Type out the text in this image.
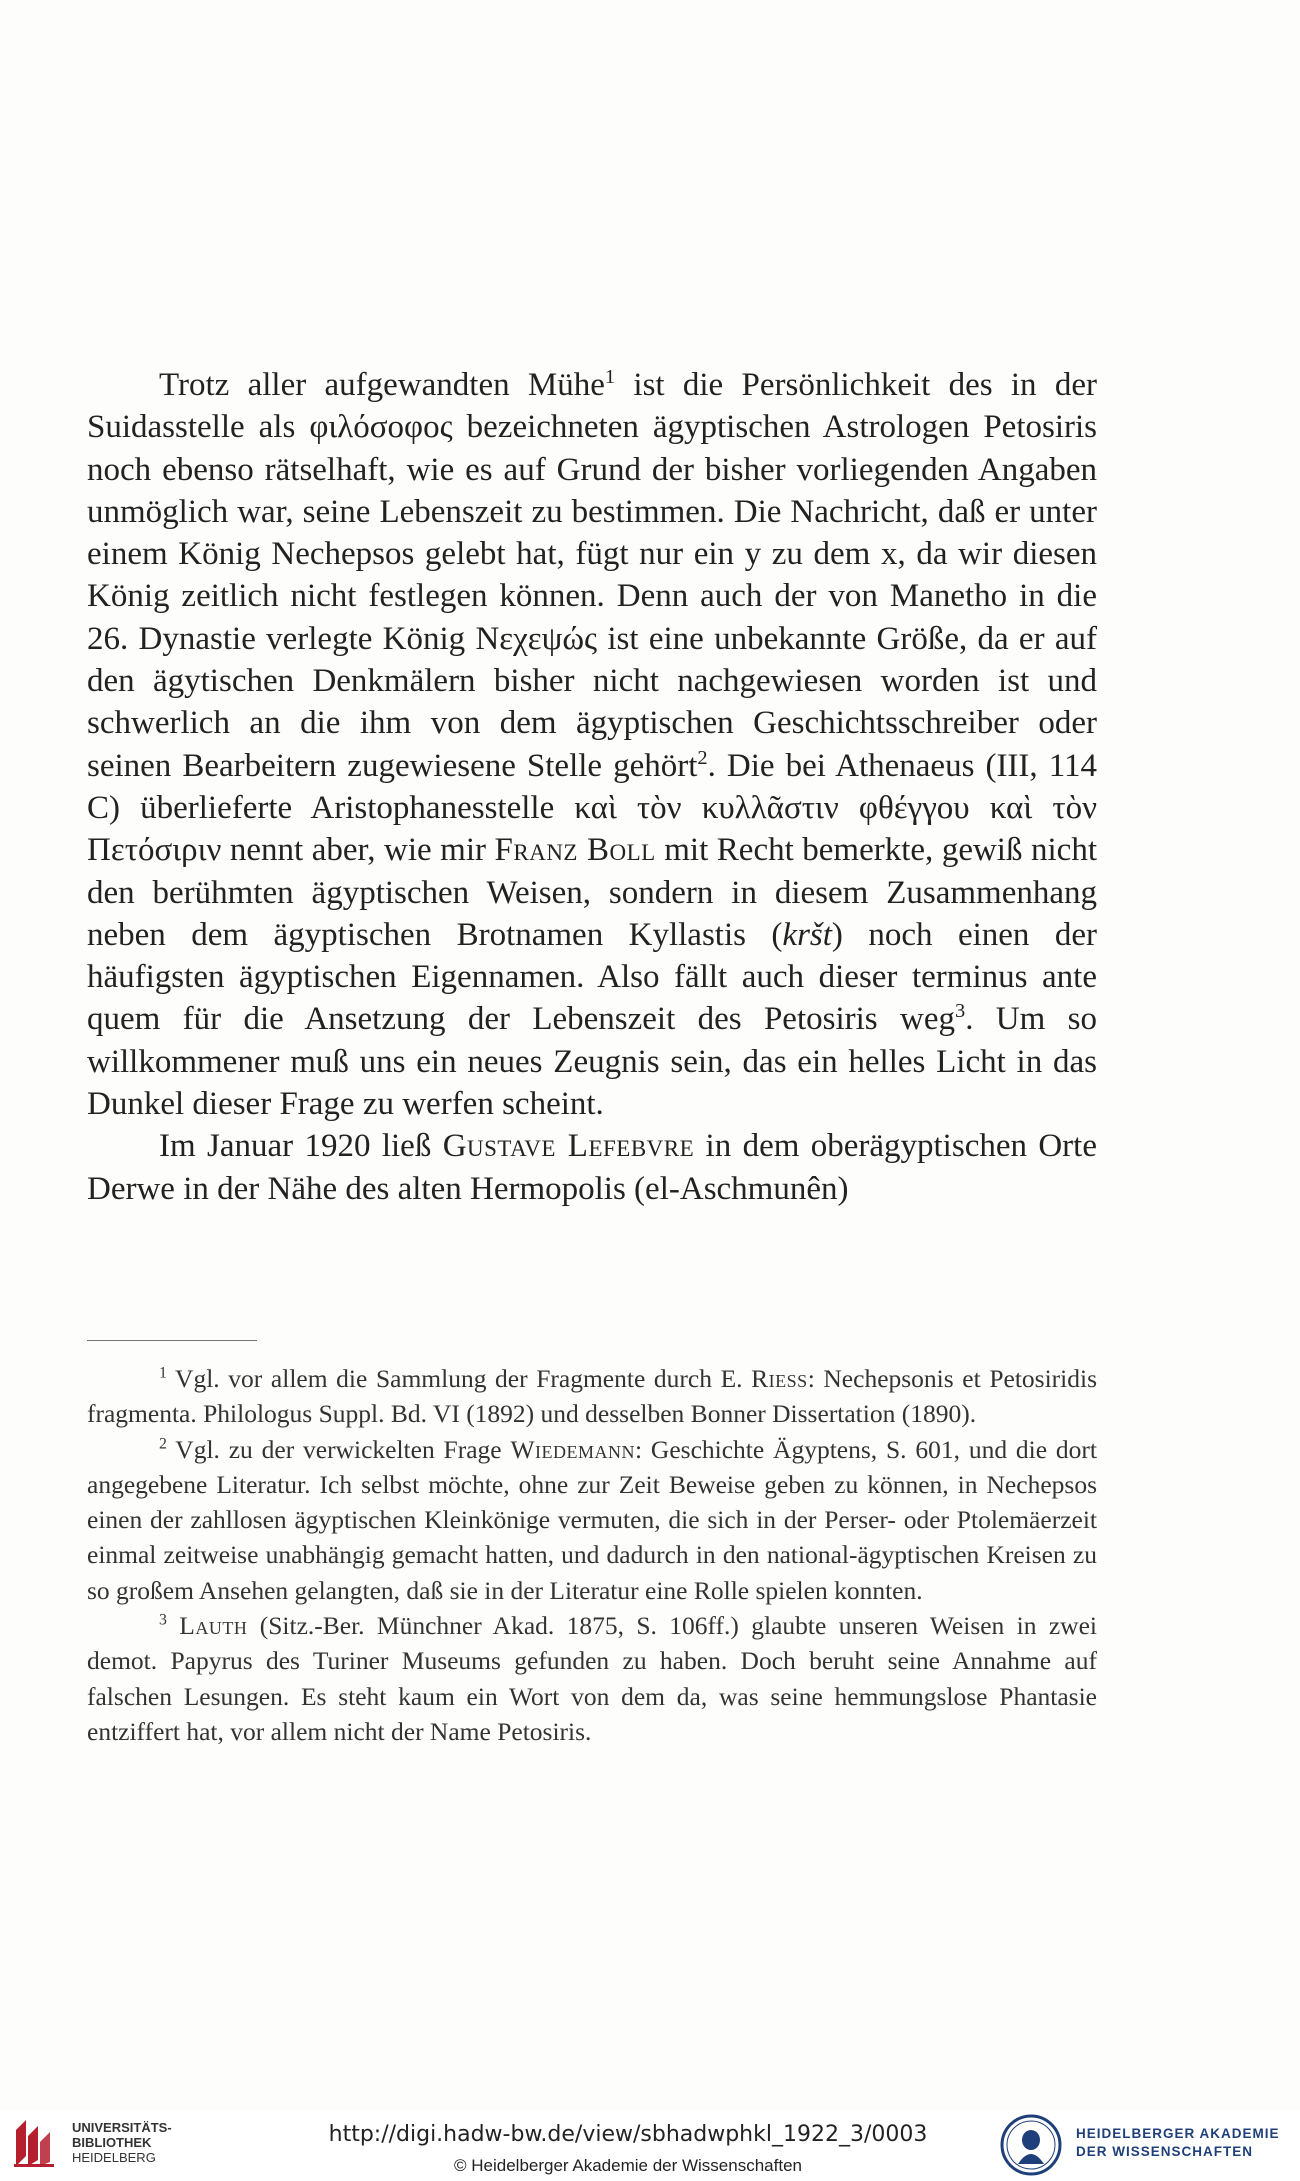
Trotz aller aufgewandten Mühe$^1$ ist die Persönlichkeit des in der Suidasstelle als φιλόσοφος bezeichneten ägyptischen Astrologen Petosiris noch ebenso rätselhaft, wie es auf Grund der bisher vorliegenden Angaben unmöglich war, seine Lebenszeit zu bestimmen. Die Nachricht, daß er unter einem König Nechepsos gelebt hat, fügt nur ein y zu dem x, da wir diesen König zeitlich nicht festlegen können. Denn auch der von Manetho in die 26. Dynastie verlegte König Νεχεψώς ist eine unbekannte Größe, da er auf den ägytischen Denkmälern bisher nicht nachgewiesen worden ist und schwerlich an die ihm von dem ägyptischen Geschichtsschreiber oder seinen Bearbeitern zugewiesene Stelle gehört$^2$. Die bei Athenaeus (III, 114 C) überlieferte Aristophanesstelle καὶ τὸν κυλλᾶστιν φθέγγου καὶ τὸν Πετόσιριν nennt aber, wie mir Franz Boll mit Recht bemerkte, gewiß nicht den berühmten ägyptischen Weisen, sondern in diesem Zusammenhang neben dem ägyptischen Brotnamen Kyllastis (kršt) noch einen der häufigsten ägyptischen Eigennamen. Also fällt auch dieser terminus ante quem für die Ansetzung der Lebenszeit des Petosiris weg$^3$. Um so willkommener muß uns ein neues Zeugnis sein, das ein helles Licht in das Dunkel dieser Frage zu werfen scheint.

Im Januar 1920 ließ Gustave Lefebvre in dem oberägyptischen Orte Derwe in der Nähe des alten Hermopolis (el-Aschmunên)

$^1$ Vgl. vor allem die Sammlung der Fragmente durch E. Riess: Nechepsonis et Petosiridis fragmenta. Philologus Suppl. Bd. VI (1892) und desselben Bonner Dissertation (1890).

$^2$ Vgl. zu der verwickelten Frage Wiedemann: Geschichte Ägyptens, S. 601, und die dort angegebene Literatur. Ich selbst möchte, ohne zur Zeit Beweise geben zu können, in Nechepsos einen der zahllosen ägyptischen Kleinkönige vermuten, die sich in der Perser- oder Ptolemäerzeit einmal zeitweise unabhängig gemacht hatten, und dadurch in den national-ägyptischen Kreisen zu so großem Ansehen gelangten, daß sie in der Literatur eine Rolle spielen konnten.

$^3$ Lauth (Sitz.-Ber. Münchner Akad. 1875, S. 106ff.) glaubte unseren Weisen in zwei demot. Papyrus des Turiner Museums gefunden zu haben. Doch beruht seine Annahme auf falschen Lesungen. Es steht kaum ein Wort von dem da, was seine hemmungslose Phantasie entziffert hat, vor allem nicht der Name Petosiris.

UNIVERSITÄTS-
BIBLIOTHEK
HEIDELBERG
http://digi.hadw-bw.de/view/sbhadwphkl_1922_3/0003
© Heidelberger Akademie der Wissenschaften
HEIDELBERGER AKADEMIE
DER WISSENSCHAFTEN
